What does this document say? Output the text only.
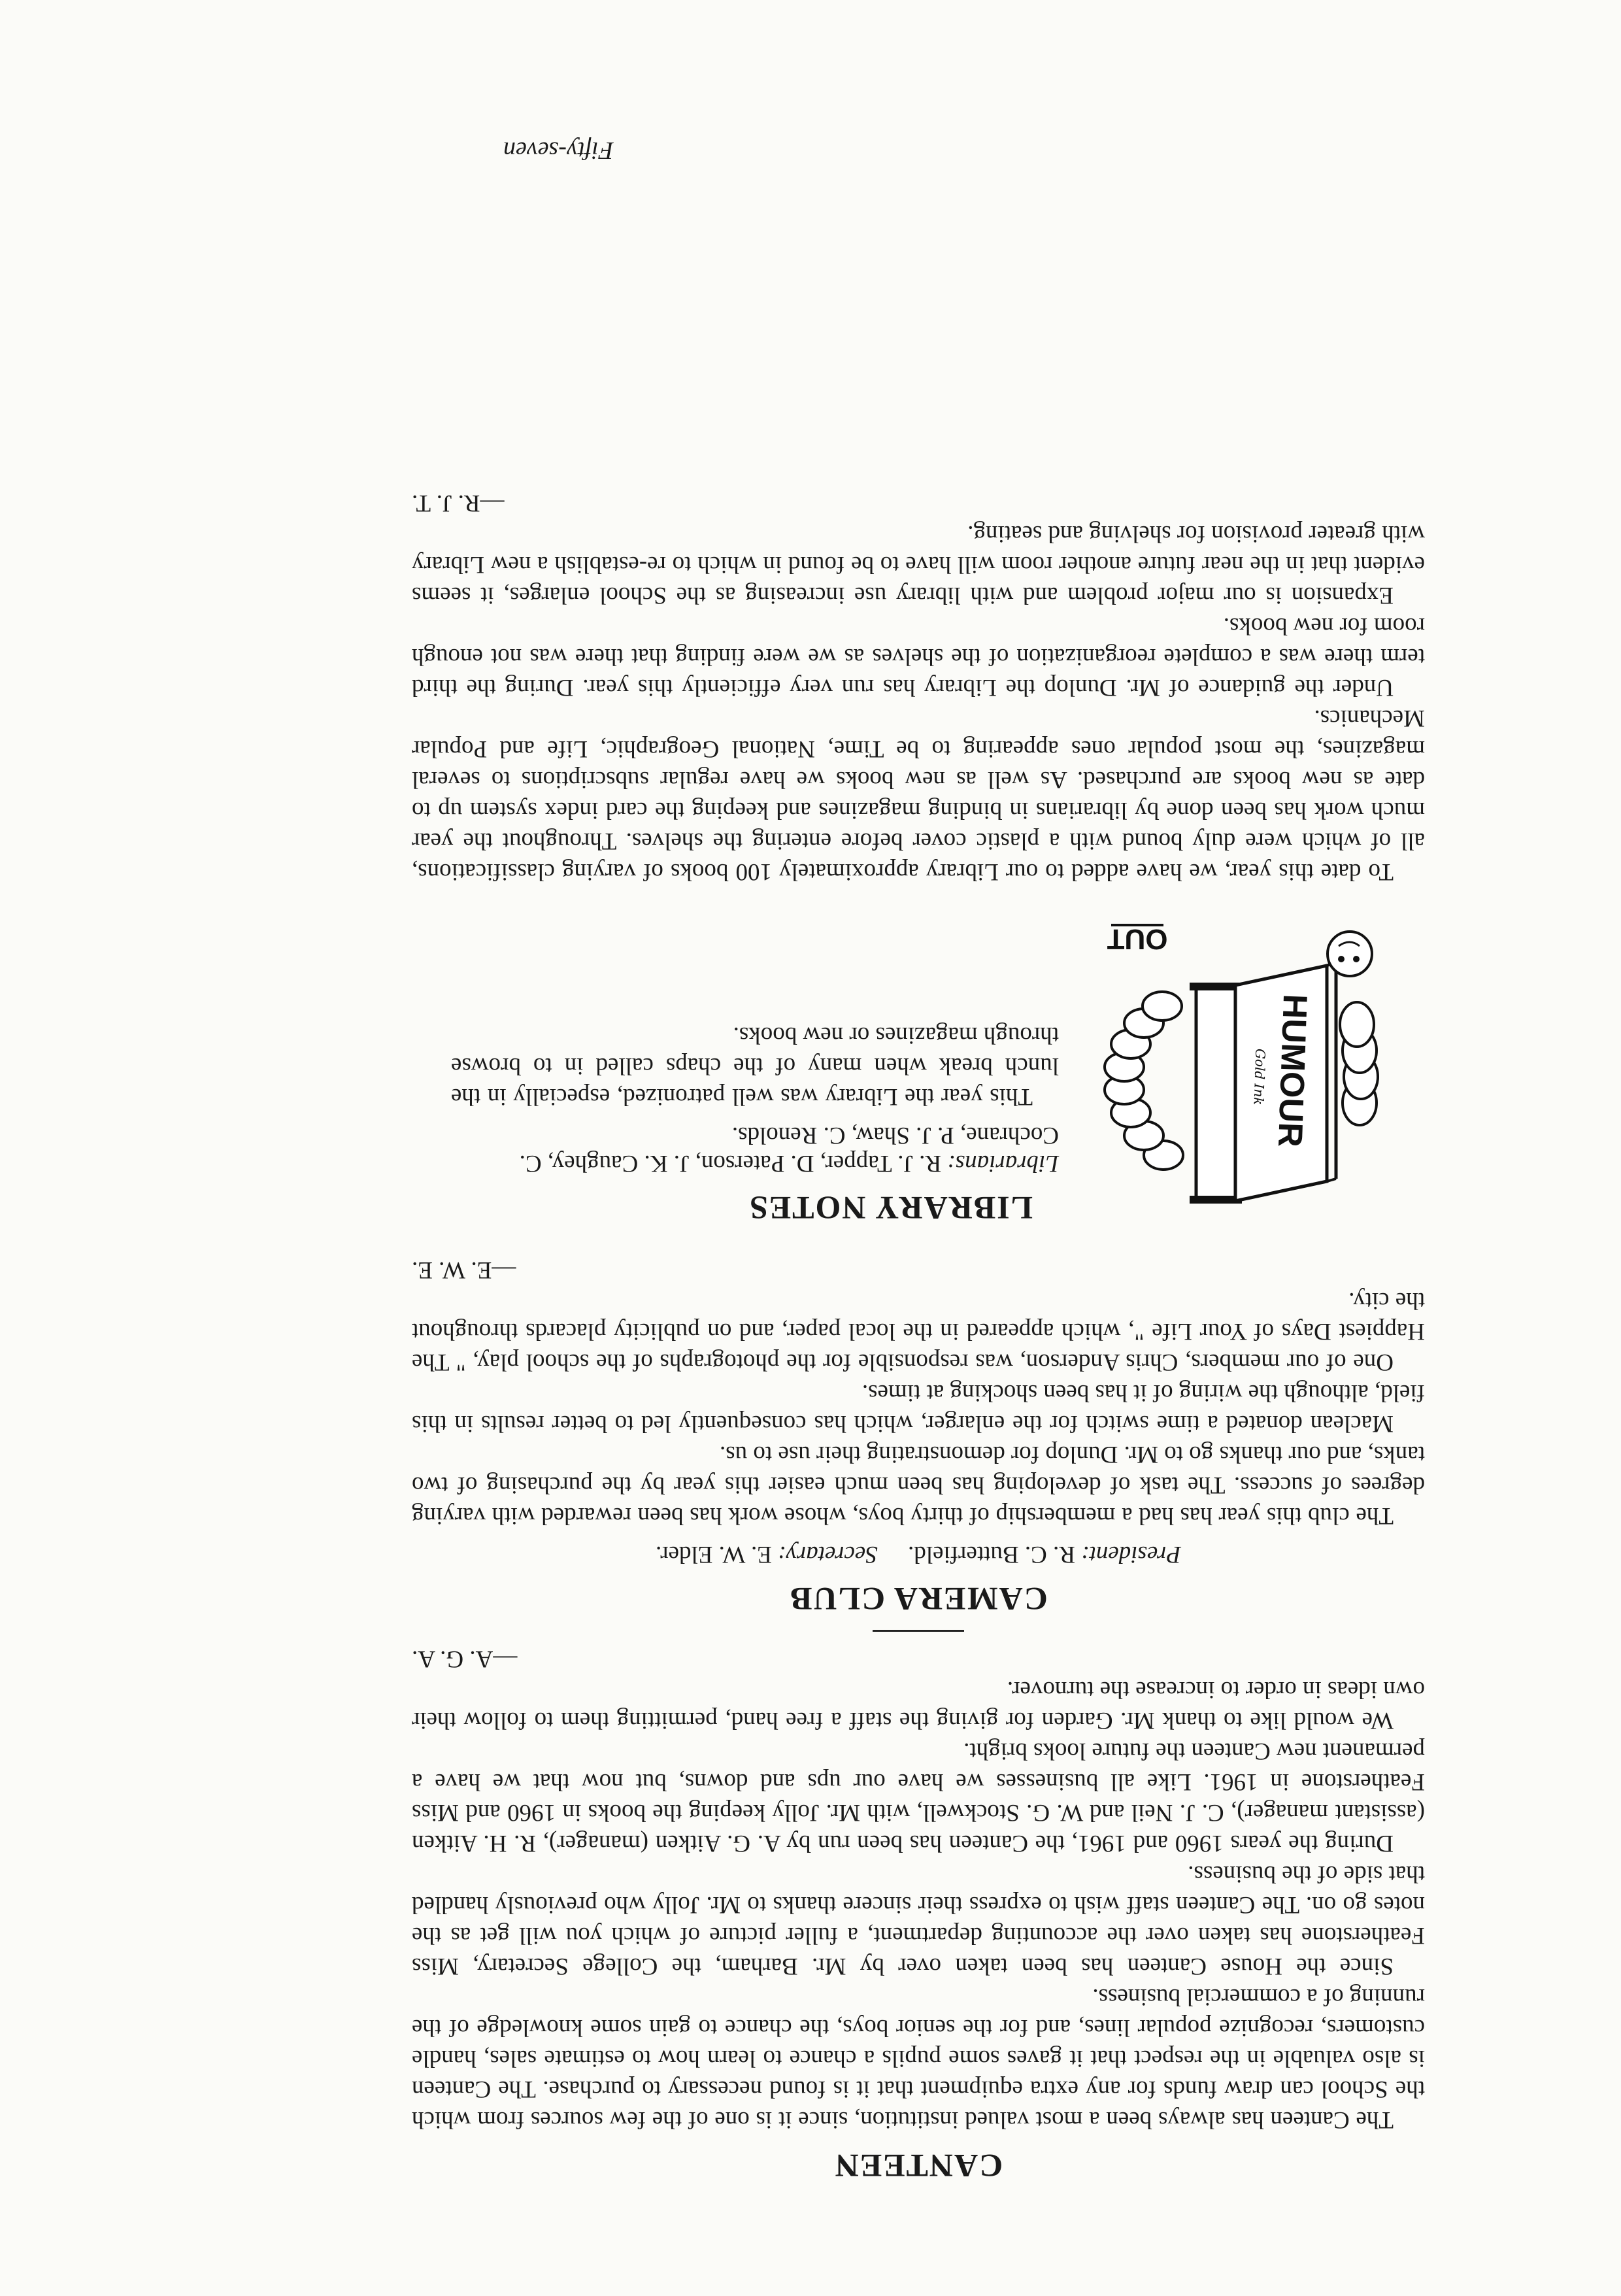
CANTEEN

The Canteen has always been a most valued institution, since it is one of the few sources from which the School can draw funds for any extra equipment that it is found necessary to purchase. The Canteen is also valuable in the respect that it gaves some pupils a chance to learn how to estimate sales, handle customers, recognize popular lines, and for the senior boys, the chance to gain some knowledge of the running of a commercial business.

Since the House Canteen has been taken over by Mr. Barham, the College Secretary, Miss Featherstone has taken over the accounting department, a fuller picture of which you will get as the notes go on. The Canteen staff wish to express their sincere thanks to Mr. Jolly who previously handled that side of the business.

During the years 1960 and 1961, the Canteen has been run by A. G. Aitken (manager), R. H. Aitken (assistant manager), C. J. Neil and W. G. Stockwell, with Mr. Jolly keeping the books in 1960 and Miss Featherstone in 1961. Like all businesses we have our ups and downs, but now that we have a permanent new Canteen the future looks bright.

We would like to thank Mr. Garden for giving the staff a free hand, permitting them to follow their own ideas in order to increase the turnover.

—A. G. A.
CAMERA CLUB
President: R. C. Butterfield.     Secretary: E. W. Elder.

The club this year has had a membership of thirty boys, whose work has been rewarded with varying degrees of success. The task of developing has been much easier this year by the purchasing of two tanks, and our thanks go to Mr. Dunlop for demonstrating their use to us.

Maclean donated a time switch for the enlarger, which has consequently led to better results in this field, although the wiring of it has been shocking at times.

One of our members, Chris Anderson, was responsible for the photographs of the school play, " The Happiest Days of Your Life ", which appeared in the local paper, and on publicity placards throughout the city.

—E. W. E.
LIBRARY NOTES
Librarians: R. J. Tapper, D. Paterson, J. K. Caughey, C. Cochrane, P. J. Shaw, C. Renolds.

This year the Library was well patronized, especially in the lunch break when many of the chaps called in to browse through magazines or new books.	HUMOUR
Gold Ink
OUT

To date this year, we have added to our Library approximately 100 books of varying classifications, all of which were duly bound with a plastic cover before entering the shelves. Throughout the year much work has been done by librarians in binding magazines and keeping the card index system up to date as new books are purchased. As well as new books we have regular subscriptions to several magazines, the most popular ones appearing to be Time, National Geographic, Life and Popular Mechanics.

Under the guidance of Mr. Dunlop the Library has run very efficiently this year. During the third term there was a complete reorganization of the shelves as we were finding that there was not enough room for new books.

Expansion is our major problem and with library use increasing as the School enlarges, it seems evident that in the near future another room will have to be found in which to re-establish a new Library with greater provision for shelving and seating.

—R. J. T.
Fifty-seven
